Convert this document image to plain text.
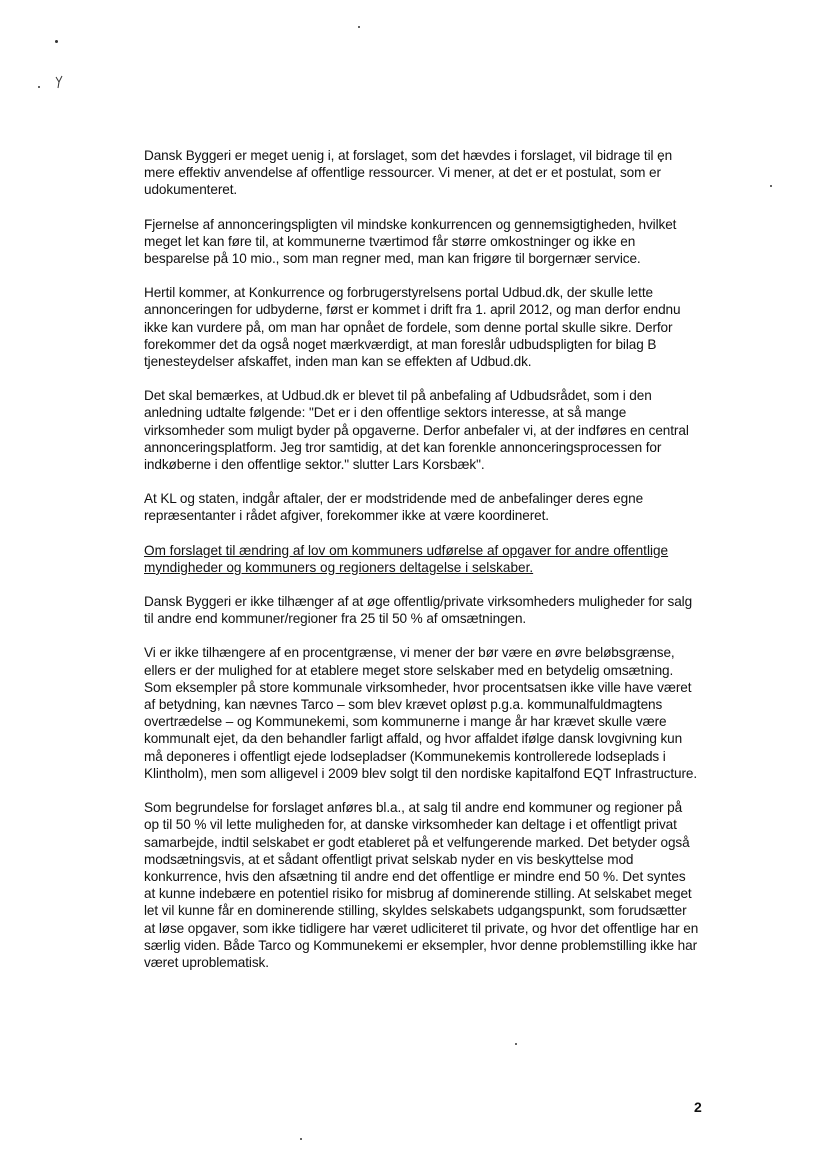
Dansk Byggeri er meget uenig i, at forslaget, som det hævdes i forslaget, vil bidrage til en mere effektiv anvendelse af offentlige ressourcer. Vi mener, at det er et postulat, som er udokumenteret.

Fjernelse af annonceringspligten vil mindske konkurrencen og gennemsigtigheden, hvilket meget let kan føre til, at kommunerne tværtimod får større omkostninger og ikke en besparelse på 10 mio., som man regner med, man kan frigøre til borgernær service.

Hertil kommer, at Konkurrence og forbrugerstyrelsens portal Udbud.dk, der skulle lette annonceringen for udbyderne, først er kommet i drift fra 1. april 2012, og man derfor endnu ikke kan vurdere på, om man har opnået de fordele, som denne portal skulle sikre. Derfor forekommer det da også noget mærkværdigt, at man foreslår udbudspligten for bilag B tjenesteydelser afskaffet, inden man kan se effekten af Udbud.dk.

Det skal bemærkes, at Udbud.dk er blevet til på anbefaling af Udbudsrådet, som i den anledning udtalte følgende: "Det er i den offentlige sektors interesse, at så mange virksomheder som muligt byder på opgaverne. Derfor anbefaler vi, at der indføres en central annonceringsplatform. Jeg tror samtidig, at det kan forenkle annonceringsprocessen for indkøberne i den offentlige sektor." slutter Lars Korsbæk".

At KL og staten, indgår aftaler, der er modstridende med de anbefalinger deres egne repræsentanter i rådet afgiver, forekommer ikke at være koordineret.

Om forslaget til ændring af lov om kommuners udførelse af opgaver for andre offentlige myndigheder og kommuners og regioners deltagelse i selskaber.

Dansk Byggeri er ikke tilhænger af at øge offentlig/private virksomheders muligheder for salg til andre end kommuner/regioner fra 25 til 50 % af omsætningen.

Vi er ikke tilhængere af en procentgrænse, vi mener der bør være en øvre beløbsgrænse, ellers er der mulighed for at etablere meget store selskaber med en betydelig omsætning. Som eksempler på store kommunale virksomheder, hvor procentsatsen ikke ville have været af betydning, kan nævnes Tarco – som blev krævet opløst p.g.a. kommunalfuldmagtens overtrædelse – og Kommunekemi, som kommunerne i mange år har krævet skulle være kommunalt ejet, da den behandler farligt affald, og hvor affaldet ifølge dansk lovgivning kun må deponeres i offentligt ejede lodsepladser (Kommunekemis kontrollerede lodseplads i Klintholm), men som alligevel i 2009 blev solgt til den nordiske kapitalfond EQT Infrastructure.

Som begrundelse for forslaget anføres bl.a., at salg til andre end kommuner og regioner på op til 50 % vil lette muligheden for, at danske virksomheder kan deltage i et offentligt privat samarbejde, indtil selskabet er godt etableret på et velfungerende marked. Det betyder også modsætningsvis, at et sådant offentligt privat selskab nyder en vis beskyttelse mod konkurrence, hvis den afsætning til andre end det offentlige er mindre end 50 %. Det syntes at kunne indebære en potentiel risiko for misbrug af dominerende stilling. At selskabet meget let vil kunne får en dominerende stilling, skyldes selskabets udgangspunkt, som forudsætter at løse opgaver, som ikke tidligere har været udliciteret til private, og hvor det offentlige har en særlig viden. Både Tarco og Kommunekemi er eksempler, hvor denne problemstilling ikke har været uproblematisk.

2
